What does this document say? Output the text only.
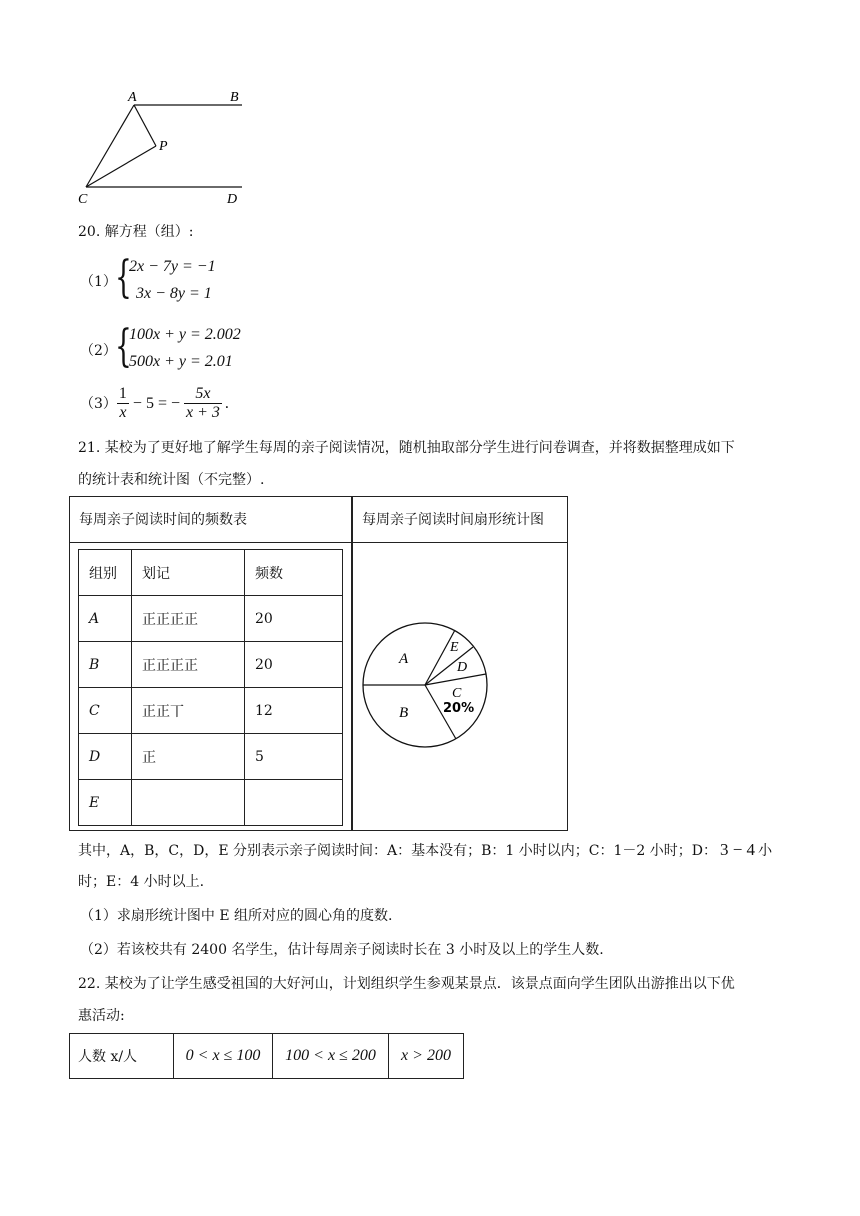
A	B
P
C	D
20. 解方程（组）:
（1）
{
2x − 7y = −1
3x − 8y = 1
（2）
{
100x + y = 2.002
500x + y = 2.01
$(3) \frac{1}{x} - 5$ = − $\frac{5x}{x + 3}$ .
21. 某校为了更好地了解学生每周的亲子阅读情况，随机抽取部分学生进行问卷调查，并将数据整理成如下
的统计表和统计图（不完整）.
每周亲子阅读时间的频数表	每周亲子阅读时间扇形统计图
组别	划记	频数
A	正正正正	20
B	正正正正	20
C	正正丅	12
D	正	5
E		
A
B
E
D
C
20%
其中，A，B，C，D，E 分别表示亲子阅读时间：A：基本没有；B：1 小时以内；C：1－2 小时；D： 3 − 4 小
时；E：4 小时以上.
（1）求扇形统计图中 E 组所对应的圆心角的度数.
（2）若该校共有 2400 名学生，估计每周亲子阅读时长在 3 小时及以上的学生人数.
22. 某校为了让学生感受祖国的大好河山，计划组织学生参观某景点．该景点面向学生团队出游推出以下优
惠活动:
人数 x/人	0 < x ≤ 100	100 < x ≤ 200	x > 200
